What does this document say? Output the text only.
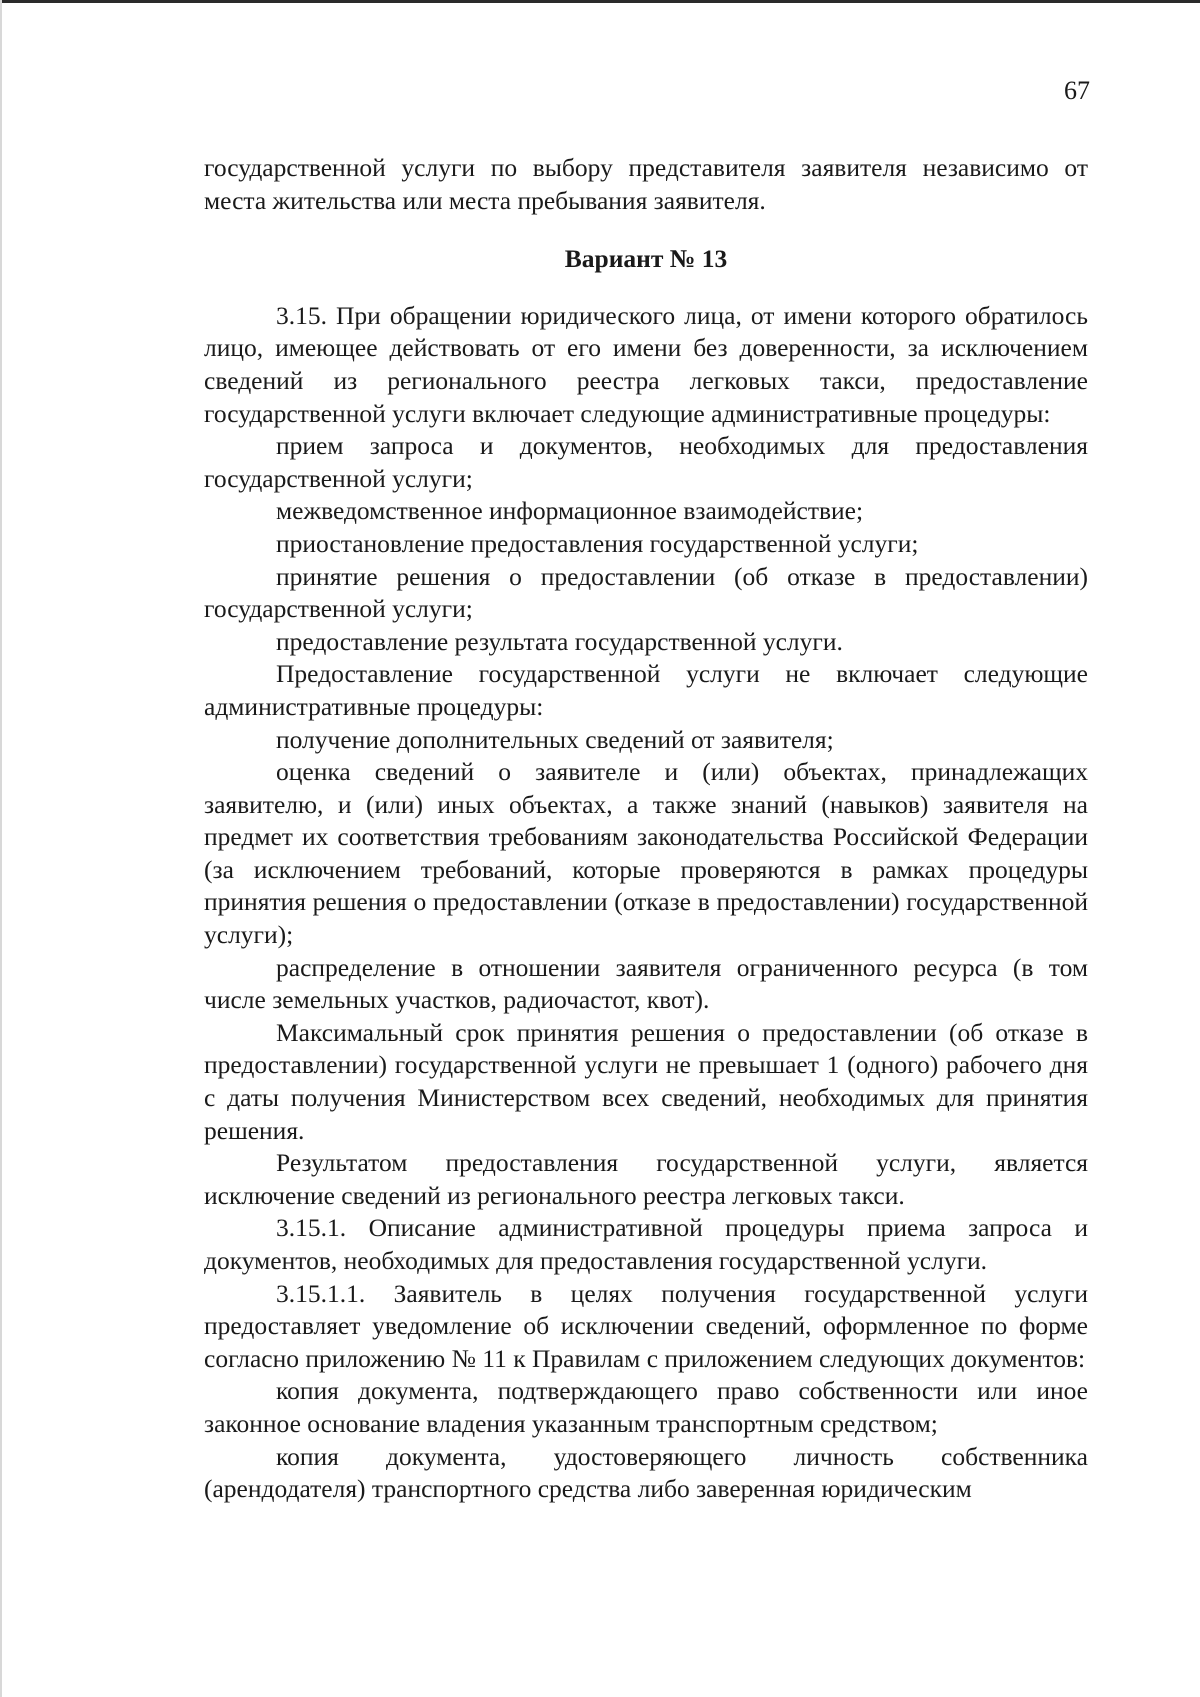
67

государственной услуги по выбору представителя заявителя независимо от места жительства или места пребывания заявителя.

Вариант № 13

3.15. При обращении юридического лица, от имени которого обратилось лицо, имеющее действовать от его имени без доверенности, за исключением сведений из регионального реестра легковых такси, предоставление государственной услуги включает следующие административные процедуры:

прием запроса и документов, необходимых для предоставления государственной услуги;

межведомственное информационное взаимодействие;

приостановление предоставления государственной услуги;

принятие решения о предоставлении (об отказе в предоставлении) государственной услуги;

предоставление результата государственной услуги.

Предоставление государственной услуги не включает следующие административные процедуры:

получение дополнительных сведений от заявителя;

оценка сведений о заявителе и (или) объектах, принадлежащих заявителю, и (или) иных объектах, а также знаний (навыков) заявителя на предмет их соответствия требованиям законодательства Российской Федерации (за исключением требований, которые проверяются в рамках процедуры принятия решения о предоставлении (отказе в предоставлении) государственной услуги);

распределение в отношении заявителя ограниченного ресурса (в том числе земельных участков, радиочастот, квот).

Максимальный срок принятия решения о предоставлении (об отказе в предоставлении) государственной услуги не превышает 1 (одного) рабочего дня с даты получения Министерством всех сведений, необходимых для принятия решения.

Результатом предоставления государственной услуги, является исключение сведений из регионального реестра легковых такси.

3.15.1. Описание административной процедуры приема запроса и документов, необходимых для предоставления государственной услуги.

3.15.1.1. Заявитель в целях получения государственной услуги предоставляет уведомление об исключении сведений, оформленное по форме согласно приложению № 11 к Правилам с приложением следующих документов:

копия документа, подтверждающего право собственности или иное законное основание владения указанным транспортным средством;

копия документа, удостоверяющего личность собственника (арендодателя) транспортного средства либо заверенная юридическим
